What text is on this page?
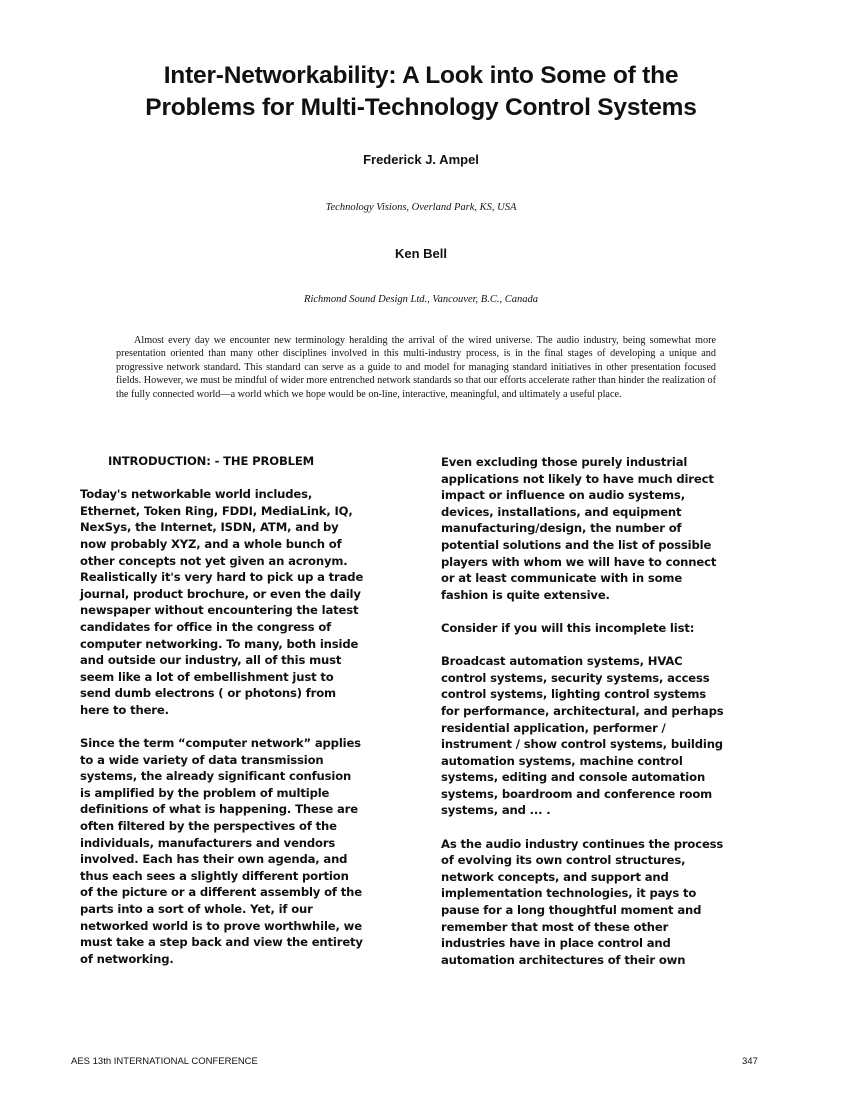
Inter-Networkability: A Look into Some of the
Problems for Multi-Technology Control Systems
Frederick J. Ampel
Technology Visions, Overland Park, KS, USA
Ken Bell
Richmond Sound Design Ltd., Vancouver, B.C., Canada

Almost every day we encounter new terminology heralding the arrival of the wired universe. The audio industry, being somewhat more presentation oriented than many other disciplines involved in this multi-industry process, is in the final stages of developing a unique and progressive network standard. This standard can serve as a guide to and model for managing standard initiatives in other presentation focused fields. However, we must be mindful of wider more entrenched network standards so that our efforts accelerate rather than hinder the realization of the fully connected world—a world which we hope would be on-line, interactive, meaningful, and ultimately a useful place.

INTRODUCTION: - THE PROBLEM

Today's networkable world includes, Ethernet, Token Ring, FDDI, MediaLink, IQ, NexSys, the Internet, ISDN, ATM, and by now probably XYZ, and a whole bunch of other concepts not yet given an acronym. Realistically it's very hard to pick up a trade journal, product brochure, or even the daily newspaper without encountering the latest candidates for office in the congress of computer networking. To many, both inside and outside our industry, all of this must seem like a lot of embellishment just to send dumb electrons ( or photons) from here to there.

Since the term “computer network” applies to a wide variety of data transmission systems, the already significant confusion is amplified by the problem of multiple definitions of what is happening. These are often filtered by the perspectives of the individuals, manufacturers and vendors involved. Each has their own agenda, and thus each sees a slightly different portion of the picture or a different assembly of the parts into a sort of whole. Yet, if our networked world is to prove worthwhile, we must take a step back and view the entirety of networking.

Even excluding those purely industrial applications not likely to have much direct impact or influence on audio systems, devices, installations, and equipment manufacturing/design, the number of potential solutions and the list of possible players with whom we will have to connect or at least communicate with in some fashion is quite extensive.

Consider if you will this incomplete list:

Broadcast automation systems, HVAC control systems, security systems, access control systems, lighting control systems for performance, architectural, and perhaps residential application, performer / instrument / show control systems, building automation systems, machine control systems, editing and console automation systems, boardroom and conference room systems, and ... .

As the audio industry continues the process of evolving its own control structures, network concepts, and support and implementation technologies, it pays to pause for a long thoughtful moment and remember that most of these other industries have in place control and automation architectures of their own

AES 13th INTERNATIONAL CONFERENCE	347
